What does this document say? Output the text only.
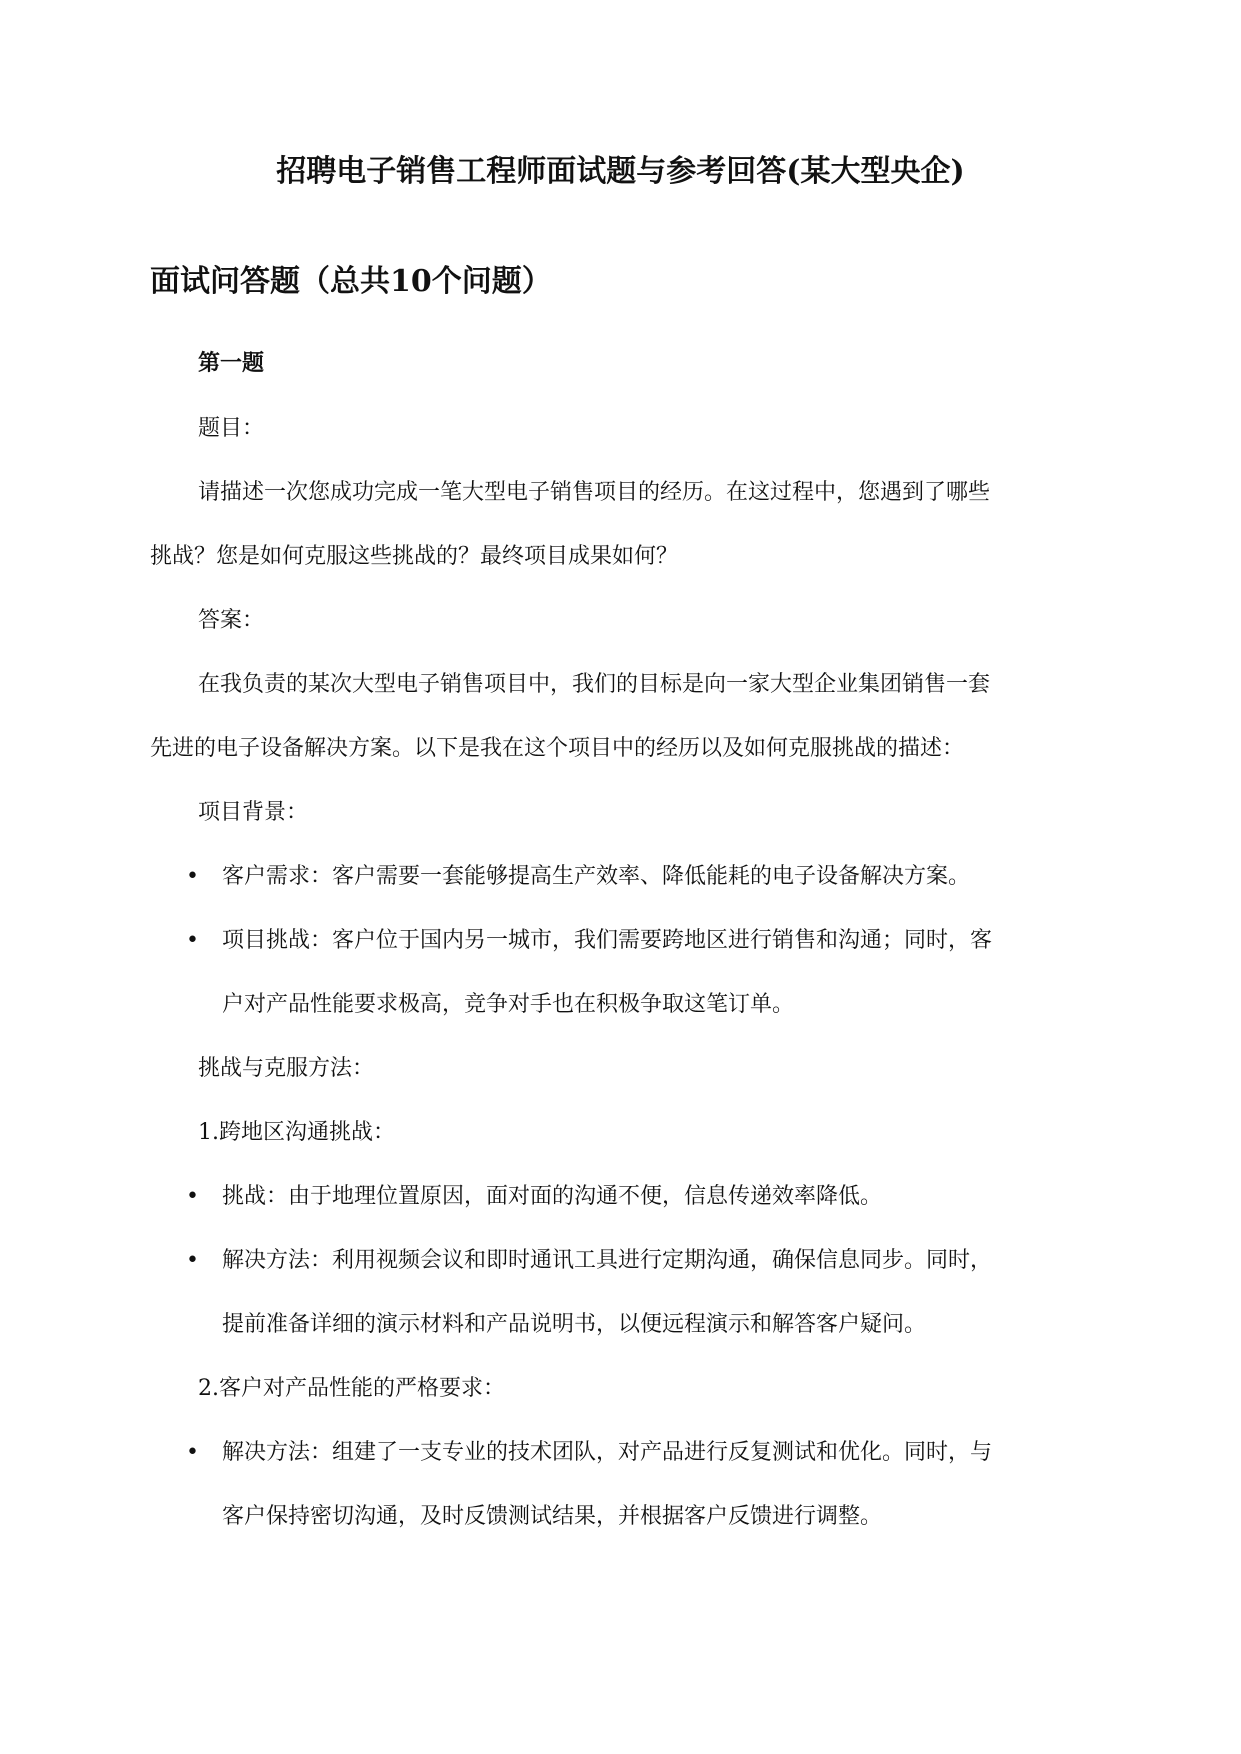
招聘电子销售工程师面试题与参考回答(某大型央企)
面试问答题（总共10个问题）
第一题
题目：
请描述一次您成功完成一笔大型电子销售项目的经历。在这过程中，您遇到了哪些
挑战？您是如何克服这些挑战的？最终项目成果如何？
答案：
在我负责的某次大型电子销售项目中，我们的目标是向一家大型企业集团销售一套
先进的电子设备解决方案。以下是我在这个项目中的经历以及如何克服挑战的描述：
项目背景：
• 客户需求：客户需要一套能够提高生产效率、降低能耗的电子设备解决方案。
• 项目挑战：客户位于国内另一城市，我们需要跨地区进行销售和沟通；同时，客
户对产品性能要求极高，竞争对手也在积极争取这笔订单。
挑战与克服方法：
1.跨地区沟通挑战：
• 挑战：由于地理位置原因，面对面的沟通不便，信息传递效率降低。
• 解决方法：利用视频会议和即时通讯工具进行定期沟通，确保信息同步。同时，
提前准备详细的演示材料和产品说明书，以便远程演示和解答客户疑问。
2.客户对产品性能的严格要求：
• 解决方法：组建了一支专业的技术团队，对产品进行反复测试和优化。同时，与
客户保持密切沟通，及时反馈测试结果，并根据客户反馈进行调整。
